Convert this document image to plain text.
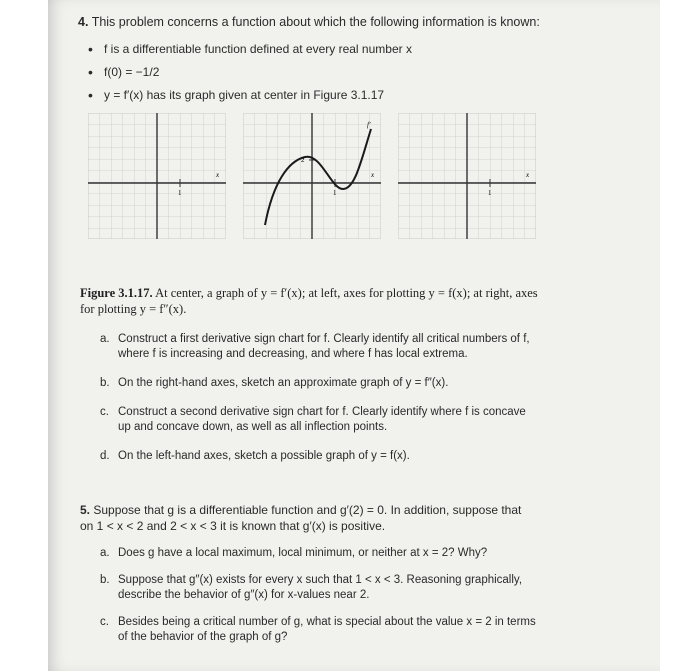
4. This problem concerns a function about which the following information is known:

• f is a differentiable function defined at every real number x
• f(0) = −1/2
• y = f′(x) has its graph given at center in Figure 3.1.17
x
1
2
f′
x
1
x
1
Figure 3.1.17. At center, a graph of y = f′(x); at left, axes for plotting y = f(x); at right, axes for plotting y = f″(x).
a. Construct a first derivative sign chart for f. Clearly identify all critical numbers of f, where f is increasing and decreasing, and where f has local extrema.
b. On the right-hand axes, sketch an approximate graph of y = f″(x).
c. Construct a second derivative sign chart for f. Clearly identify where f is concave up and concave down, as well as all inflection points.
d. On the left-hand axes, sketch a possible graph of y = f(x).
5. Suppose that g is a differentiable function and g′(2) = 0. In addition, suppose that on 1 < x < 2 and 2 < x < 3 it is known that g′(x) is positive.
a. Does g have a local maximum, local minimum, or neither at x = 2? Why?
b. Suppose that g″(x) exists for every x such that 1 < x < 3. Reasoning graphically, describe the behavior of g″(x) for x-values near 2.
c. Besides being a critical number of g, what is special about the value x = 2 in terms of the behavior of the graph of g?
